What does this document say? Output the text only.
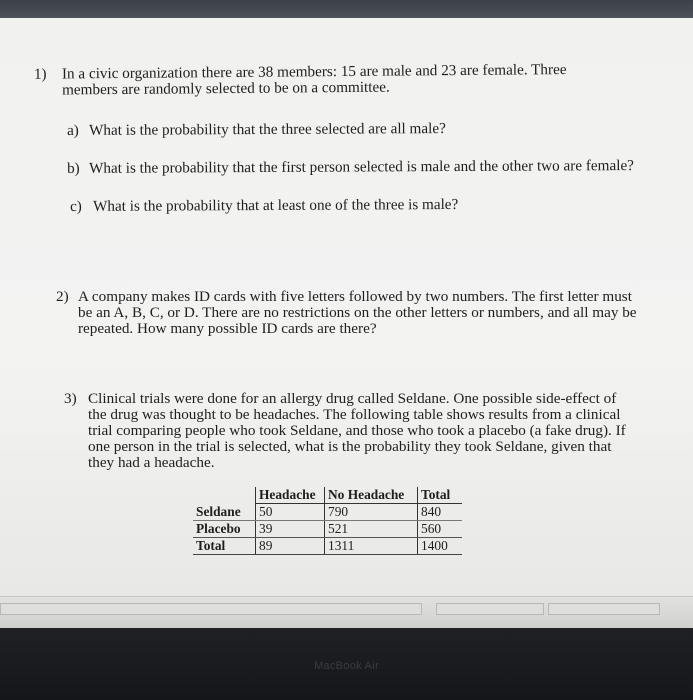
1) In a civic organization there are 38 members: 15 are male and 23 are female. Three members are randomly selected to be on a committee.
a) What is the probability that the three selected are all male?
b) What is the probability that the first person selected is male and the other two are female?
c) What is the probability that at least one of the three is male?
2) A company makes ID cards with five letters followed by two numbers. The first letter must be an A, B, C, or D. There are no restrictions on the other letters or numbers, and all may be repeated. How many possible ID cards are there?
3) Clinical trials were done for an allergy drug called Seldane. One possible side-effect of the drug was thought to be headaches. The following table shows results from a clinical trial comparing people who took Seldane, and those who took a placebo (a fake drug). If one person in the trial is selected, what is the probability they took Seldane, given that they had a headache.
	Headache	No Headache	Total
Seldane	50	790	840
Placebo	39	521	560
Total	89	1311	1400
MacBook Air
